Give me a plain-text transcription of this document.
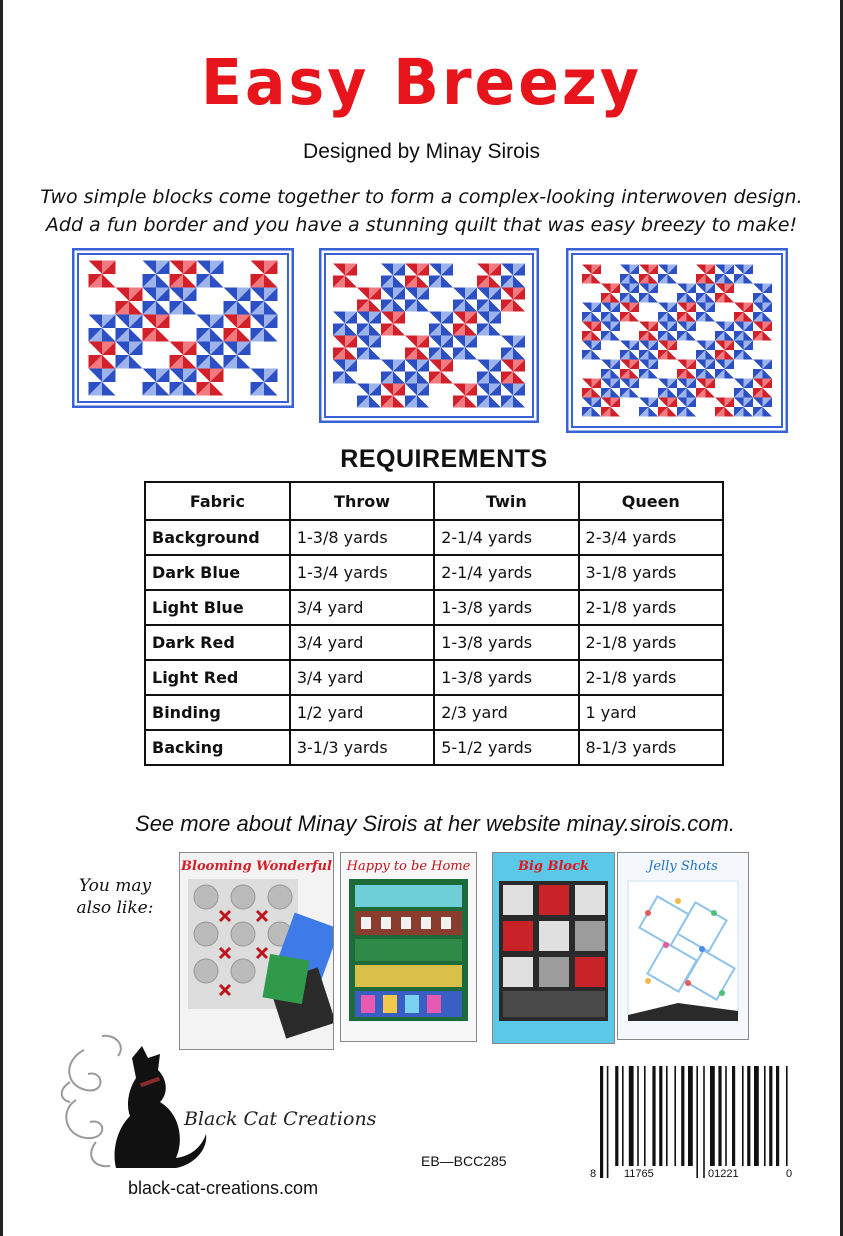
Easy Breezy
Designed by Minay Sirois
Two simple blocks come together to form a complex-looking interwoven design.
Add a fun border and you have a stunning quilt that was easy breezy to make!
REQUIREMENTS
Fabric	Throw	Twin	Queen
Background	1-3/8 yards	2-1/4 yards	2-3/4 yards
Dark Blue	1-3/4 yards	2-1/4 yards	3-1/8 yards
Light Blue	3/4 yard	1-3/8 yards	2-1/8 yards
Dark Red	3/4 yard	1-3/8 yards	2-1/8 yards
Light Red	3/4 yard	1-3/8 yards	2-1/8 yards
Binding	1/2 yard	2/3 yard	1 yard
Backing	3-1/3 yards	5-1/2 yards	8-1/3 yards
See more about Minay Sirois at her website minay.sirois.com.
You may
also like:
Blooming Wonderful	Happy to be Home	Big Block	Jelly Shots
Black Cat Creations
black-cat-creations.com
EB—BCC285
8	11765	01221	0
